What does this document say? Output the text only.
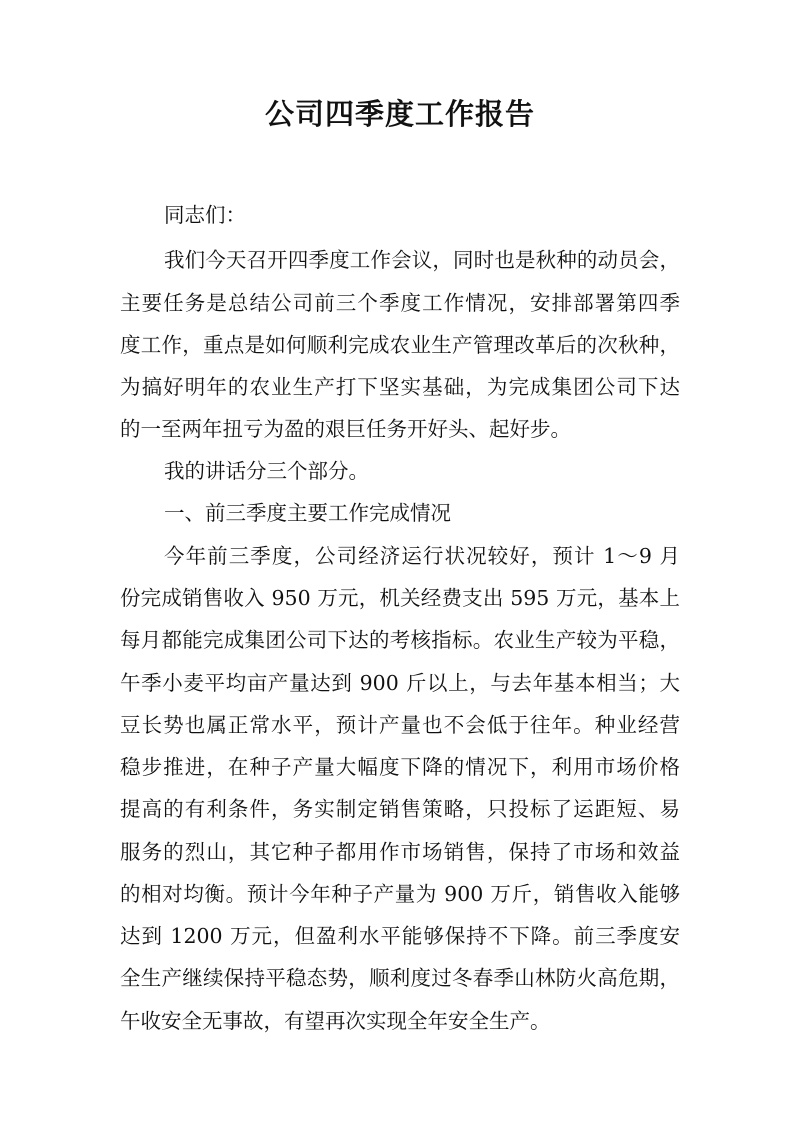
公司四季度工作报告
同志们：
我们今天召开四季度工作会议，同时也是秋种的动员会，
主要任务是总结公司前三个季度工作情况，安排部署第四季
度工作，重点是如何顺利完成农业生产管理改革后的次秋种，
为搞好明年的农业生产打下坚实基础，为完成集团公司下达
的一至两年扭亏为盈的艰巨任务开好头、起好步。
我的讲话分三个部分。
一、前三季度主要工作完成情况
今年前三季度，公司经济运行状况较好，预计 1～9 月
份完成销售收入 950 万元，机关经费支出 595 万元，基本上
每月都能完成集团公司下达的考核指标。农业生产较为平稳，
午季小麦平均亩产量达到 900 斤以上，与去年基本相当；大
豆长势也属正常水平，预计产量也不会低于往年。种业经营
稳步推进，在种子产量大幅度下降的情况下，利用市场价格
提高的有利条件，务实制定销售策略，只投标了运距短、易
服务的烈山，其它种子都用作市场销售，保持了市场和效益
的相对均衡。预计今年种子产量为 900 万斤，销售收入能够
达到 1200 万元，但盈利水平能够保持不下降。前三季度安
全生产继续保持平稳态势，顺利度过冬春季山林防火高危期，
午收安全无事故，有望再次实现全年安全生产。
